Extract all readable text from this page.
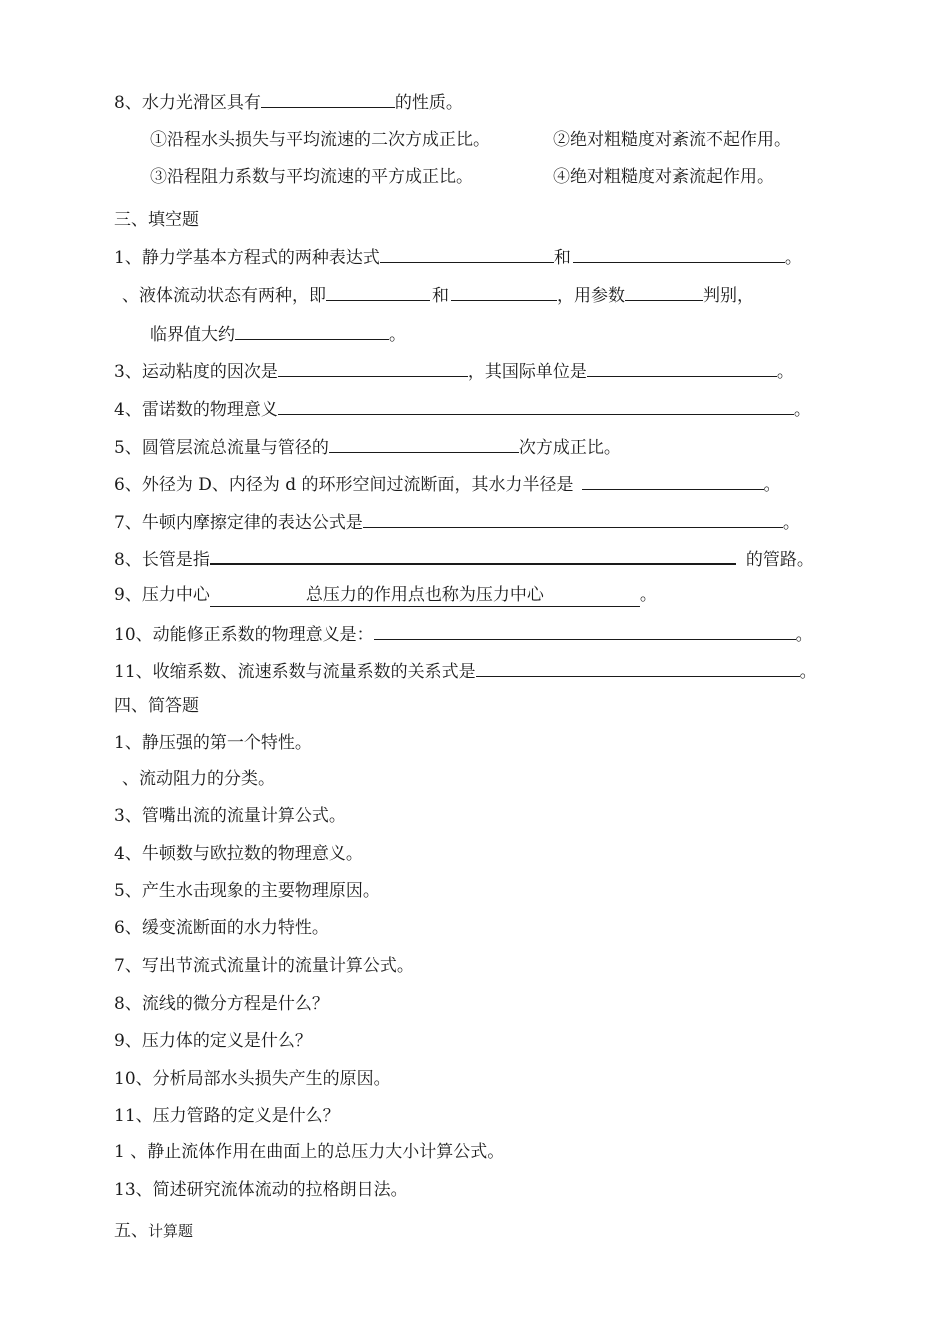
8、水力光滑区具有	的性质。
①沿程水头损失与平均流速的二次方成正比。	②绝对粗糙度对紊流不起作用。
③沿程阻力系数与平均流速的平方成正比。	④绝对粗糙度对紊流起作用。
三、填空题
1、静力学基本方程式的两种表达式	和	。
、液体流动状态有两种，即	和	，用参数	判别，
临界值大约	。
3、运动粘度的因次是	，其国际单位是	。
4、雷诺数的物理意义	。
5、圆管层流总流量与管径的	次方成正比。
6、外径为 D、内径为 d 的环形空间过流断面，其水力半径是	。
7、牛顿内摩擦定律的表达公式是	。
8、长管是指	的管路。
9、压力中心	总压力的作用点也称为压力中心	。
10、动能修正系数的物理意义是：	。
11、收缩系数、流速系数与流量系数的关系式是	。
四、简答题
1、静压强的第一个特性。
、流动阻力的分类。
3、管嘴出流的流量计算公式。
4、牛顿数与欧拉数的物理意义。
5、产生水击现象的主要物理原因。
6、缓变流断面的水力特性。
7、写出节流式流量计的流量计算公式。
8、流线的微分方程是什么？
9、压力体的定义是什么？
10、分析局部水头损失产生的原因。
11、压力管路的定义是什么？
1 、静止流体作用在曲面上的总压力大小计算公式。
13、简述研究流体流动的拉格朗日法。
五、计算题
